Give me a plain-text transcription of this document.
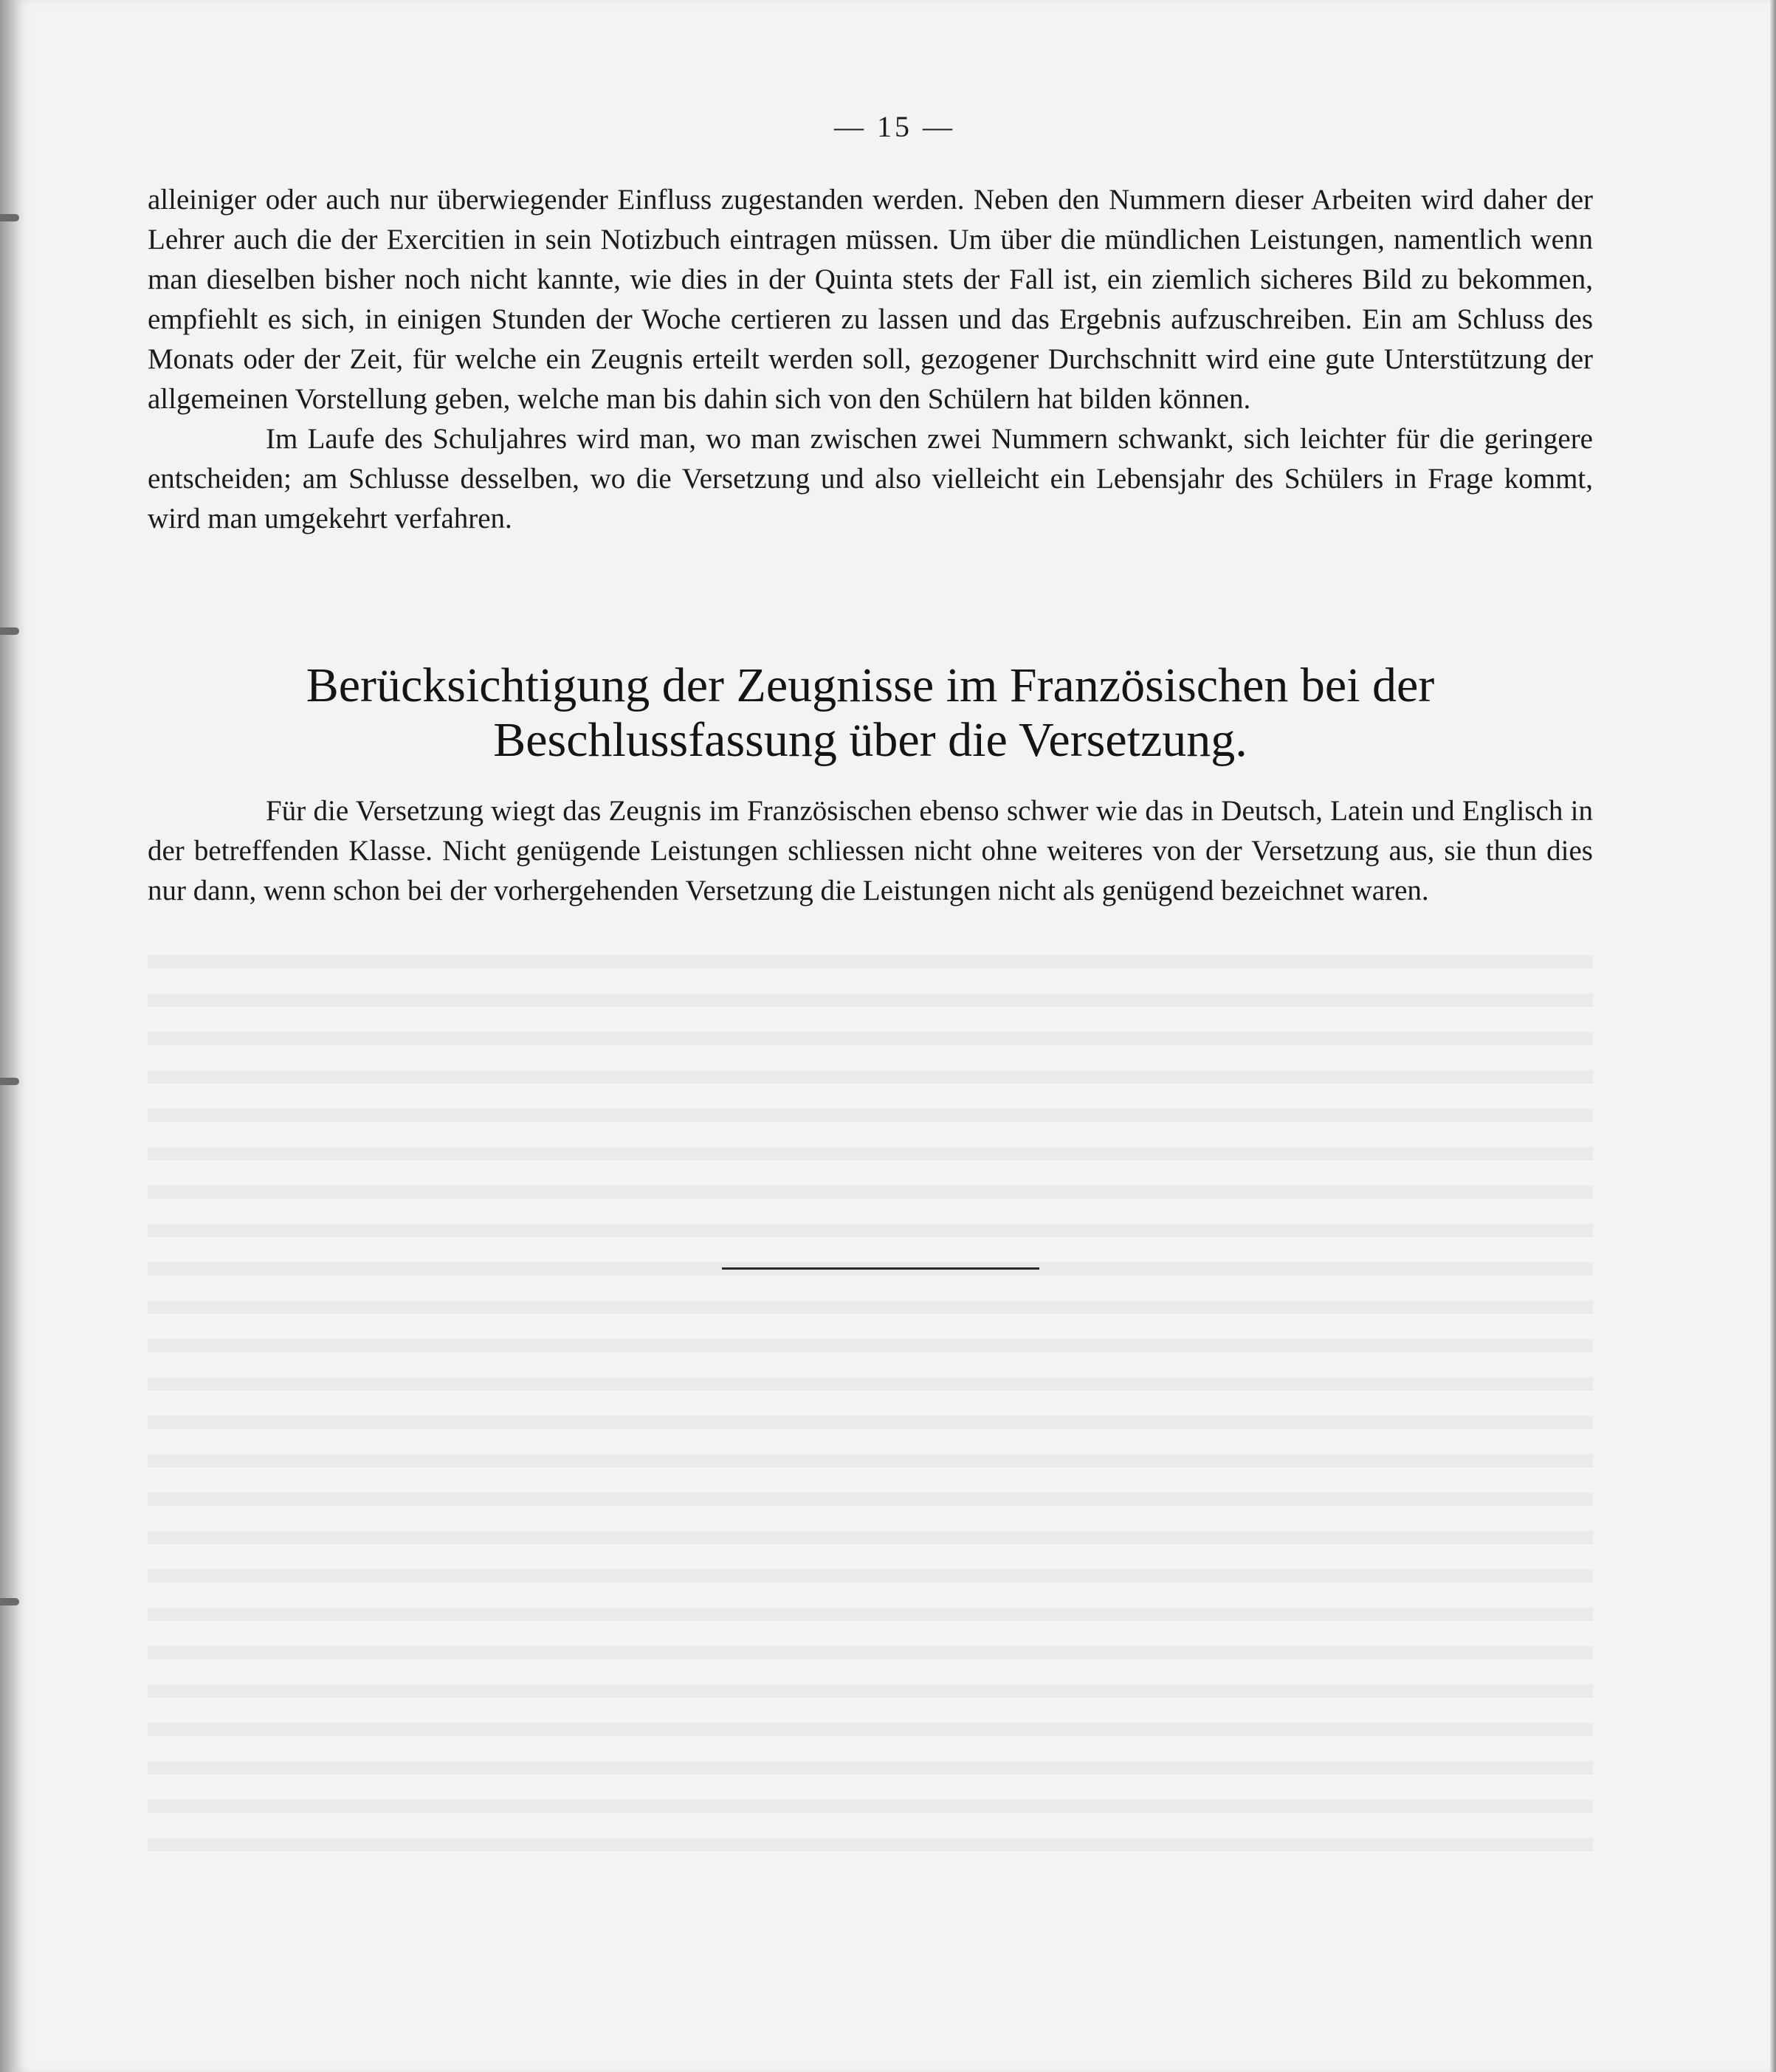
— 15 —

alleiniger oder auch nur überwiegender Einfluss zugestanden werden. Neben den Nummern dieser Arbeiten wird daher der Lehrer auch die der Exercitien in sein Notizbuch eintragen müssen. Um über die mündlichen Leistungen, namentlich wenn man dieselben bisher noch nicht kannte, wie dies in der Quinta stets der Fall ist, ein ziemlich sicheres Bild zu bekommen, empfiehlt es sich, in einigen Stunden der Woche certieren zu lassen und das Ergebnis aufzuschreiben. Ein am Schluss des Monats oder der Zeit, für welche ein Zeugnis erteilt werden soll, gezogener Durchschnitt wird eine gute Unterstützung der allgemeinen Vorstellung geben, welche man bis dahin sich von den Schülern hat bilden können.

Im Laufe des Schuljahres wird man, wo man zwischen zwei Nummern schwankt, sich leichter für die geringere entscheiden; am Schlusse desselben, wo die Versetzung und also vielleicht ein Lebensjahr des Schülers in Frage kommt, wird man umgekehrt verfahren.

Berücksichtigung der Zeugnisse im Französischen bei der
Beschlussfassung über die Versetzung.

Für die Versetzung wiegt das Zeugnis im Französischen ebenso schwer wie das in Deutsch, Latein und Englisch in der betreffenden Klasse. Nicht genügende Leistungen schliessen nicht ohne weiteres von der Versetzung aus, sie thun dies nur dann, wenn schon bei der vorhergehenden Versetzung die Leistungen nicht als genügend bezeichnet waren.
